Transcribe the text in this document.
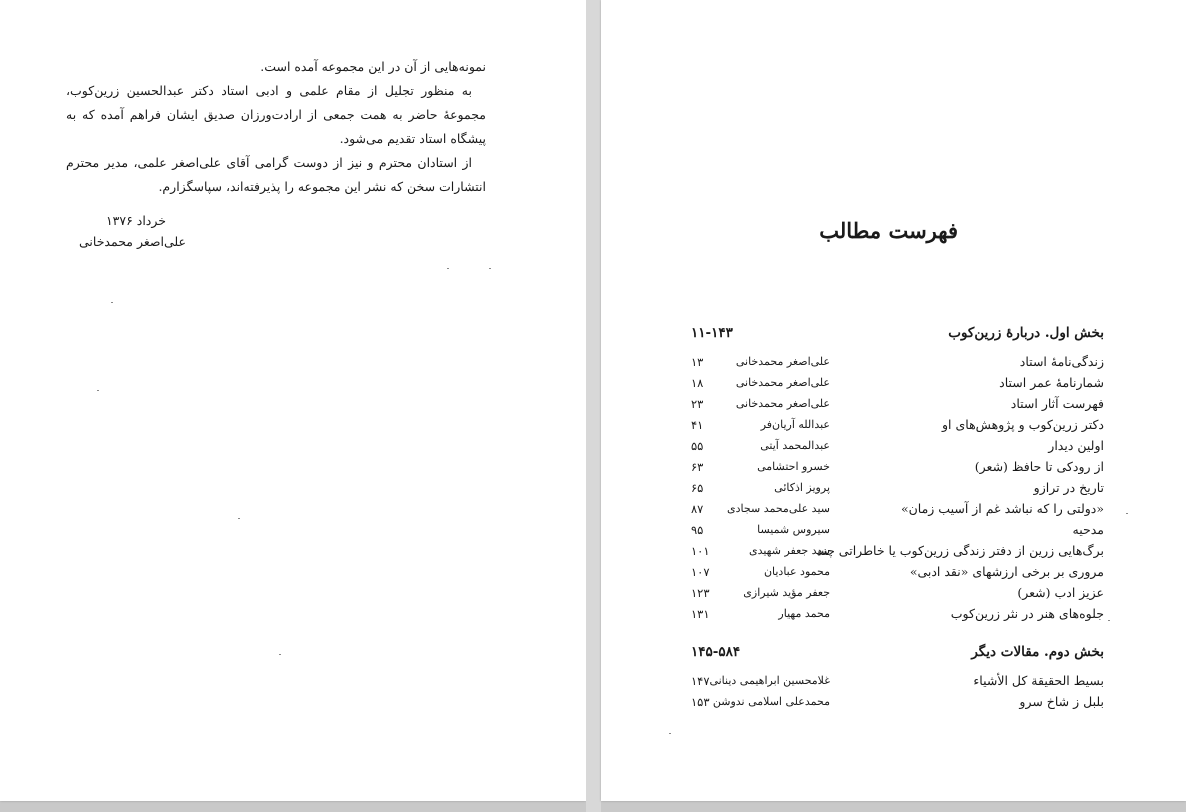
نمونه‌هایی از آن در این مجموعه آمده است.

به منظور تجلیل از مقام علمی و ادبی استاد دکتر عبدالحسین زرین‌کوب، مجموعهٔ حاضر به همت جمعی از ارادت‌ورزان صدیق ایشان فراهم آمده که به پیشگاه استاد تقدیم می‌شود.

از استادان محترم و نیز از دوست گرامی آقای علی‌اصغر علمی، مدیر محترم انتشارات سخن که نشر این مجموعه را پذیرفته‌اند، سپاسگزارم.

خرداد ۱۳۷۶
علی‌اصغر محمدخانی	فهرست مطالب
بخش اول. دربارهٔ زرین‌کوب
۱۱-۱۴۳
زندگی‌نامهٔ استاد
علی‌اصغر محمدخانی
۱۳
شمارنامهٔ عمر استاد
علی‌اصغر محمدخانی
۱۸
فهرست آثار استاد
علی‌اصغر محمدخانی
۲۳
دکتر زرین‌کوب و پژوهش‌های او
عبدالله آریان‌فر
۴۱
اولین دیدار
عبدالمحمد آیتی
۵۵
از رودکی تا حافظ (شعر)
خسرو احتشامی
۶۳
تاریخ در ترازو
پرویز اذکائی
۶۵
«دولتی را که نباشد غم از آسیب زمان»
سید علی‌محمد سجادی
۸۷
مدحیه
سیروس شمیسا
۹۵
برگ‌هایی زرین از دفتر زندگی زرین‌کوب یا خاطراتی چند
سید جعفر شهیدی
۱۰۱
مروری بر برخی ارزشهای «نقد ادبی»
محمود عبادیان
۱۰۷
عزیز ادب (شعر)
جعفر مؤید شیرازی
۱۲۳
جلوه‌های هنر در نثر زرین‌کوب
محمد مهیار
۱۳۱
بخش دوم. مقالات دیگر
۱۴۵-۵۸۴
بسیط الحقیقة کل الأشیاء
غلامحسین ابراهیمی دینانی
۱۴۷
بلبل ز شاخ سرو
محمدعلی اسلامی ندوشن
۱۵۳
